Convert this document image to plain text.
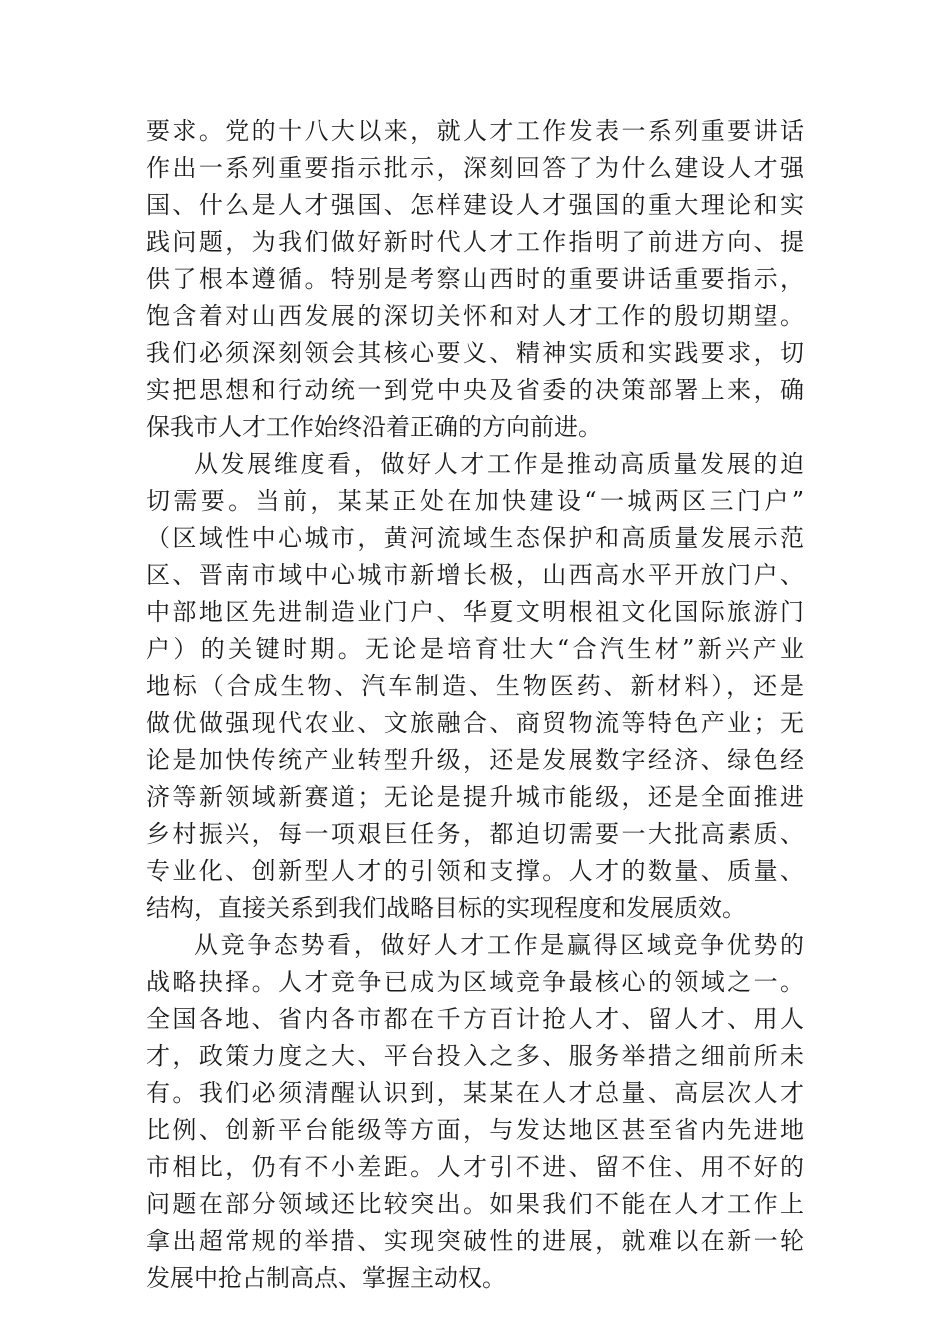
要求。党的十八大以来，就人才工作发表一系列重要讲话
作出一系列重要指示批示，深刻回答了为什么建设人才强
国、什么是人才强国、怎样建设人才强国的重大理论和实
践问题，为我们做好新时代人才工作指明了前进方向、提
供了根本遵循。特别是考察山西时的重要讲话重要指示，
饱含着对山西发展的深切关怀和对人才工作的殷切期望。
我们必须深刻领会其核心要义、精神实质和实践要求，切
实把思想和行动统一到党中央及省委的决策部署上来，确
保我市人才工作始终沿着正确的方向前进。
从发展维度看，做好人才工作是推动高质量发展的迫
切需要。当前，某某正处在加快建设“一城两区三门户”
（区域性中心城市，黄河流域生态保护和高质量发展示范
区、晋南市域中心城市新增长极，山西高水平开放门户、
中部地区先进制造业门户、华夏文明根祖文化国际旅游门
户）的关键时期。无论是培育壮大“合汽生材”新兴产业
地标（合成生物、汽车制造、生物医药、新材料），还是
做优做强现代农业、文旅融合、商贸物流等特色产业；无
论是加快传统产业转型升级，还是发展数字经济、绿色经
济等新领域新赛道；无论是提升城市能级，还是全面推进
乡村振兴，每一项艰巨任务，都迫切需要一大批高素质、
专业化、创新型人才的引领和支撑。人才的数量、质量、
结构，直接关系到我们战略目标的实现程度和发展质效。
从竞争态势看，做好人才工作是赢得区域竞争优势的
战略抉择。人才竞争已成为区域竞争最核心的领域之一。
全国各地、省内各市都在千方百计抢人才、留人才、用人
才，政策力度之大、平台投入之多、服务举措之细前所未
有。我们必须清醒认识到，某某在人才总量、高层次人才
比例、创新平台能级等方面，与发达地区甚至省内先进地
市相比，仍有不小差距。人才引不进、留不住、用不好的
问题在部分领域还比较突出。如果我们不能在人才工作上
拿出超常规的举措、实现突破性的进展，就难以在新一轮
发展中抢占制高点、掌握主动权。
